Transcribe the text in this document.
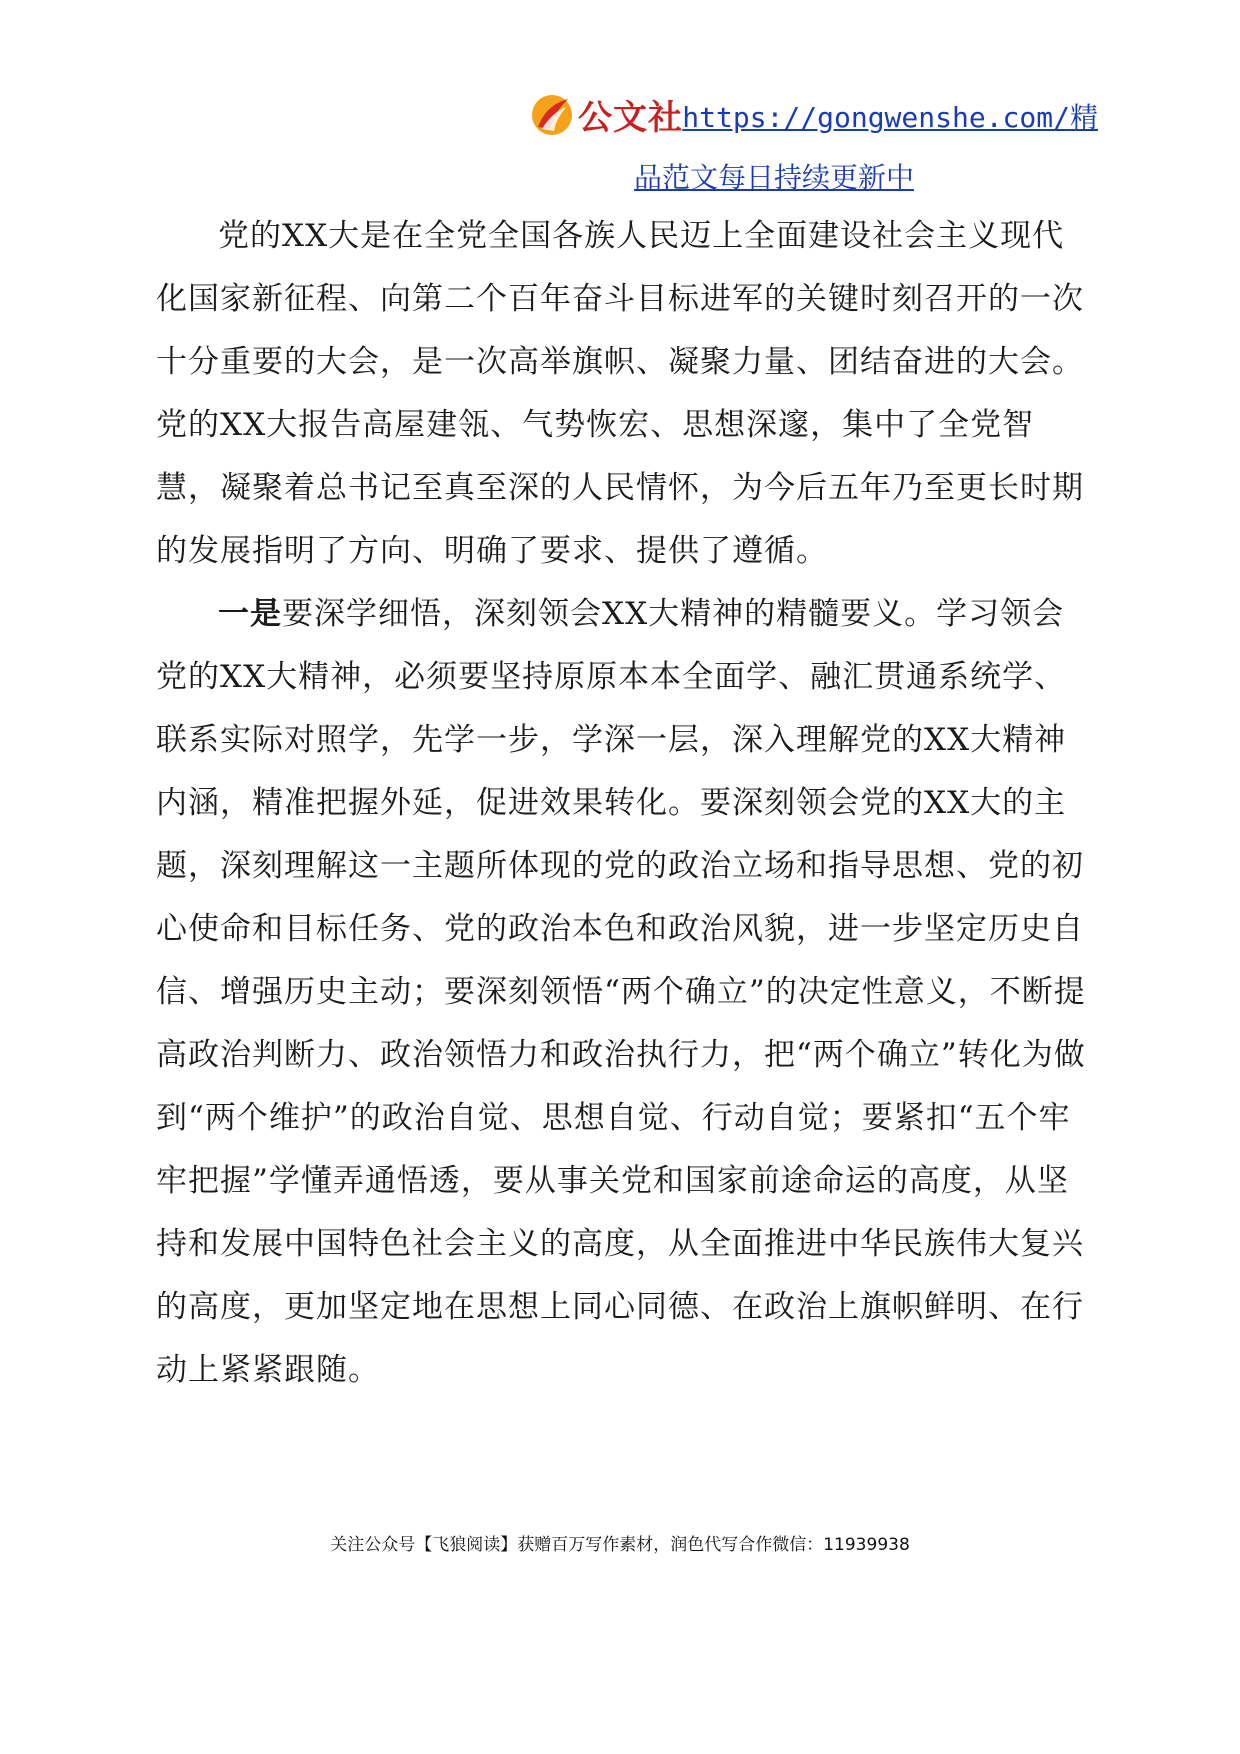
公文社 https://gongwenshe.com/精
品范文每日持续更新中

党的XX大是在全党全国各族人民迈上全面建设社会主义现代化国家新征程、向第二个百年奋斗目标进军的关键时刻召开的一次十分重要的大会，是一次高举旗帜、凝聚力量、团结奋进的大会。党的XX大报告高屋建瓴、气势恢宏、思想深邃，集中了全党智慧，凝聚着总书记至真至深的人民情怀，为今后五年乃至更长时期的发展指明了方向、明确了要求、提供了遵循。

一是要深学细悟，深刻领会XX大精神的精髓要义。学习领会党的XX大精神，必须要坚持原原本本全面学、融汇贯通系统学、联系实际对照学，先学一步，学深一层，深入理解党的XX大精神内涵，精准把握外延，促进效果转化。要深刻领会党的XX大的主题，深刻理解这一主题所体现的党的政治立场和指导思想、党的初心使命和目标任务、党的政治本色和政治风貌，进一步坚定历史自信、增强历史主动；要深刻领悟“两个确立”的决定性意义，不断提高政治判断力、政治领悟力和政治执行力，把“两个确立”转化为做到“两个维护”的政治自觉、思想自觉、行动自觉；要紧扣“五个牢牢把握”学懂弄通悟透，要从事关党和国家前途命运的高度，从坚持和发展中国特色社会主义的高度，从全面推进中华民族伟大复兴的高度，更加坚定地在思想上同心同德、在政治上旗帜鲜明、在行动上紧紧跟随。

关注公众号【飞狼阅读】获赠百万写作素材，润色代写合作微信：11939938
